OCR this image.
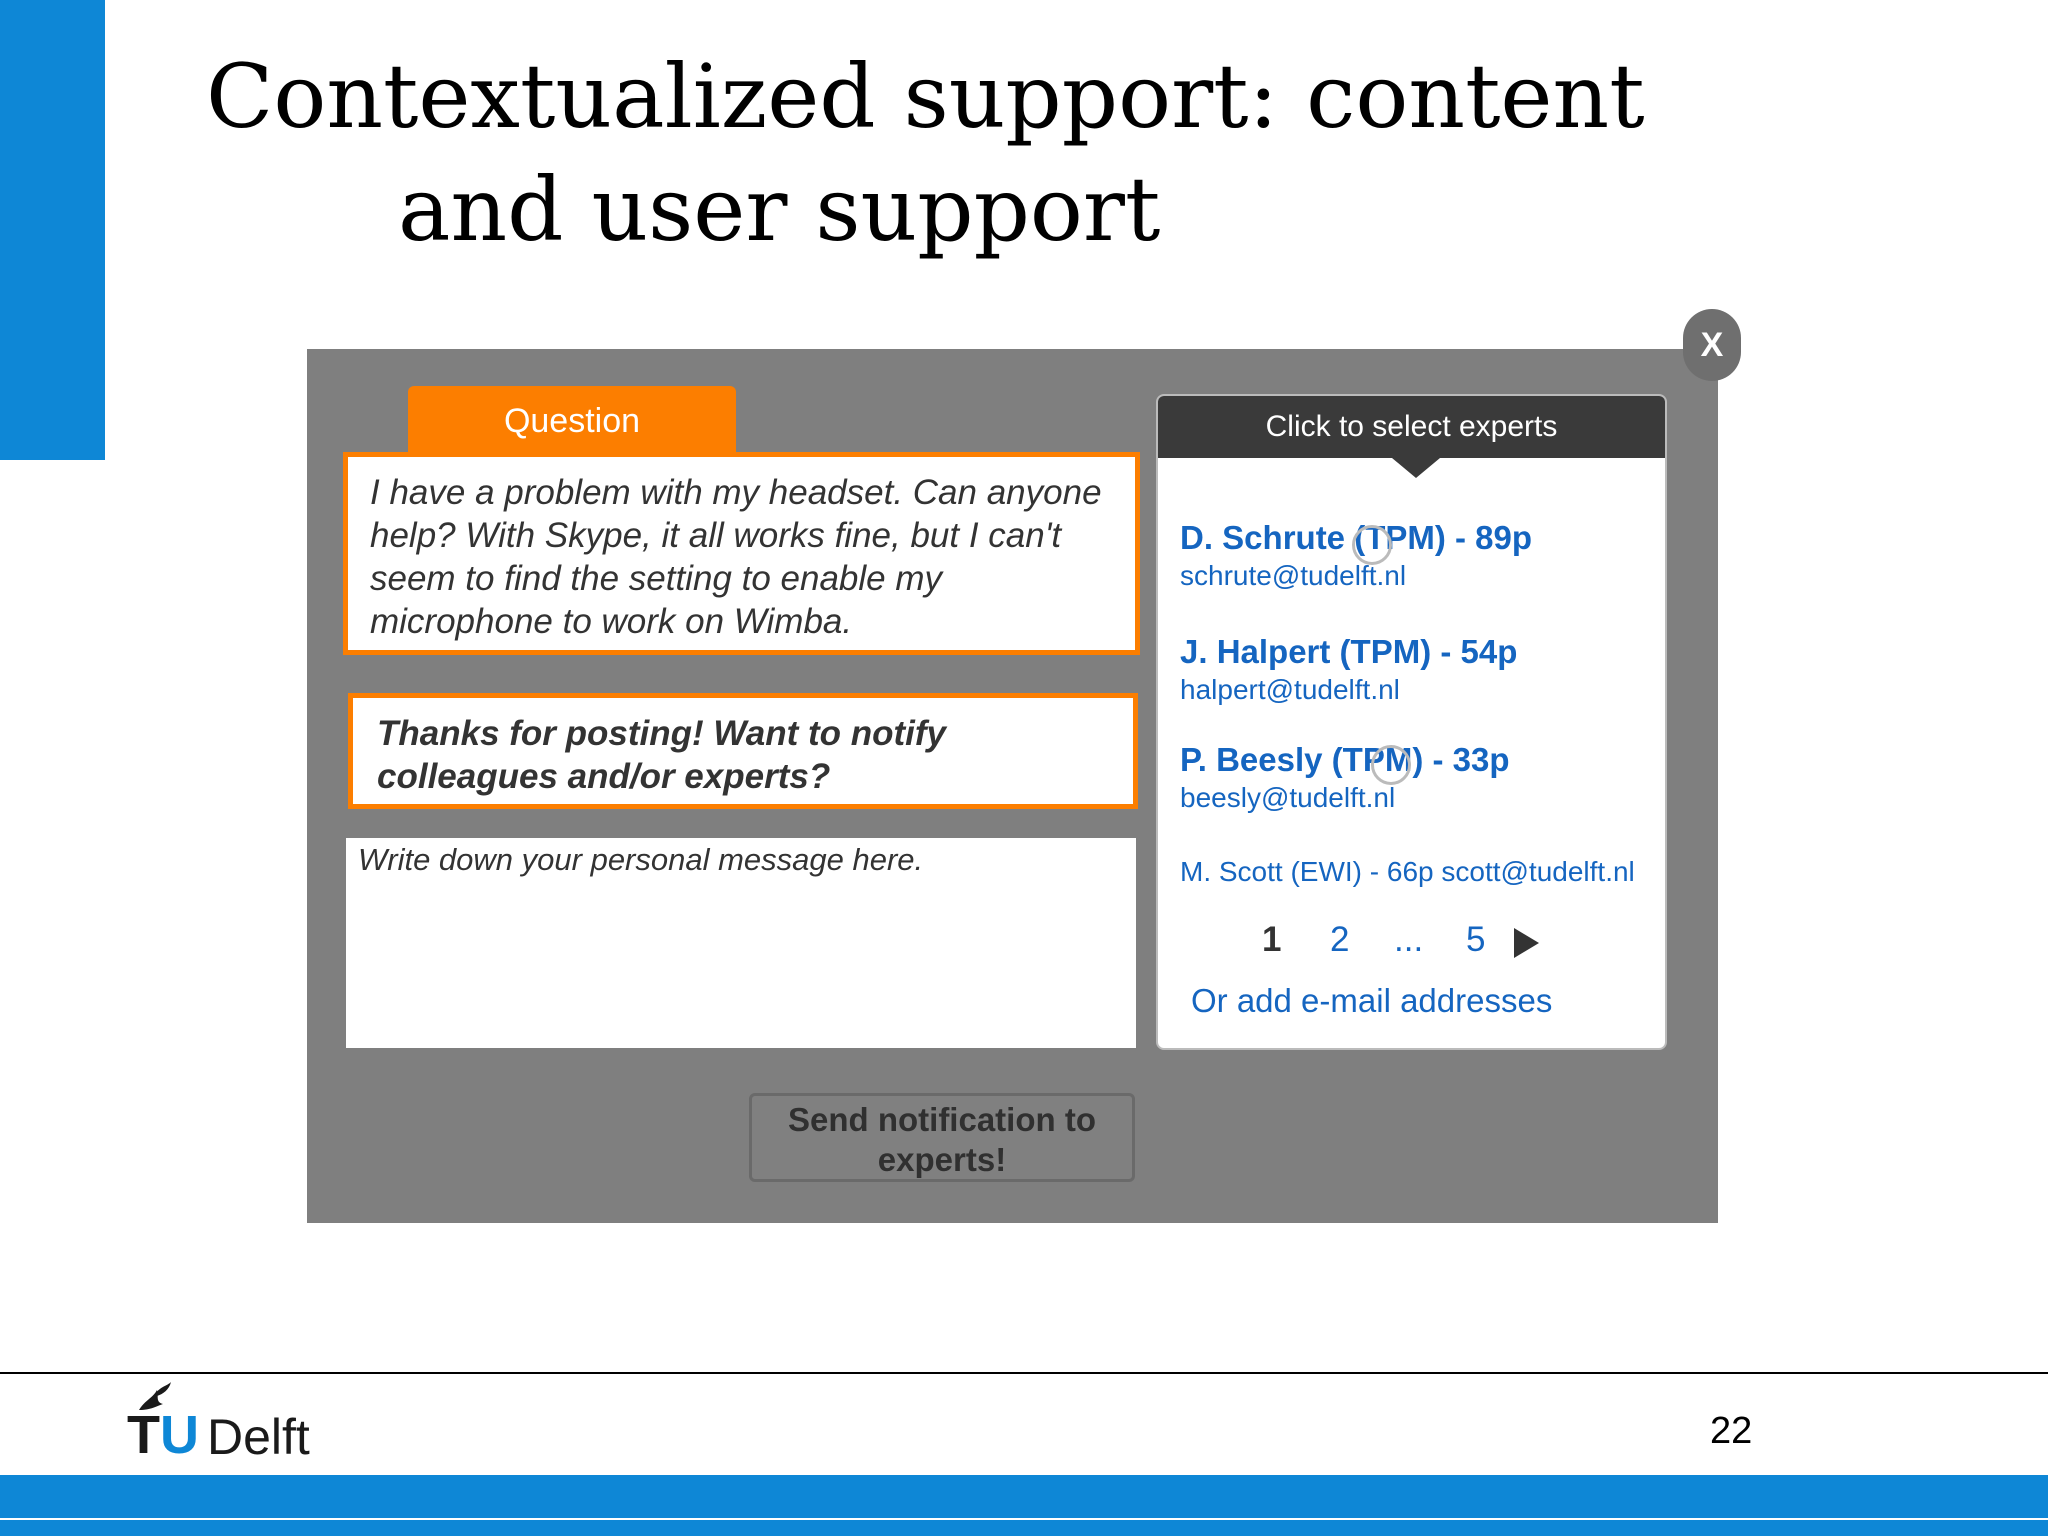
Contextualized support: content
and user support
X
Question
I have a problem with my headset. Can anyone help? With Skype, it all works fine, but I can't seem to find the setting to enable my microphone to work on Wimba.
Thanks for posting! Want to notify colleagues and/or experts?
Write down your personal message here.
Send notification to experts!
Click to select experts
D. Schrute (TPM) - 89p
schrute@tudelft.nl
J. Halpert (TPM) - 54p
halpert@tudelft.nl
P. Beesly (TPM) - 33p
beesly@tudelft.nl
M. Scott (EWI) - 66p scott@tudelft.nl
1 2 ... 5
Or add e-mail addresses
TU Delft	22
